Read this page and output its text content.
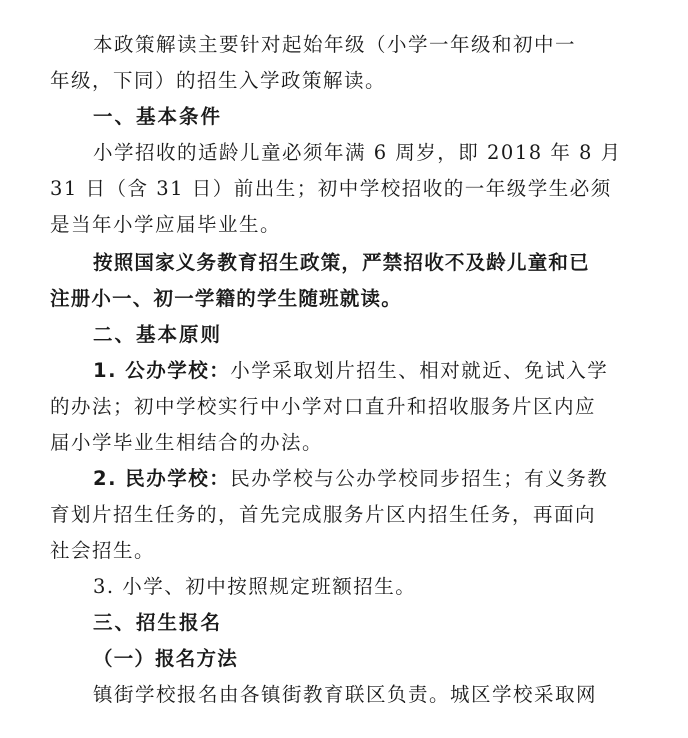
本政策解读主要针对起始年级（小学一年级和初中一
年级，下同）的招生入学政策解读。
一、基本条件
小学招收的适龄儿童必须年满 6 周岁，即 2018 年 8 月
31 日（含 31 日）前出生；初中学校招收的一年级学生必须
是当年小学应届毕业生。
按照国家义务教育招生政策，严禁招收不及龄儿童和已
注册小一、初一学籍的学生随班就读。
二、基本原则
1. 公办学校：小学采取划片招生、相对就近、免试入学
的办法；初中学校实行中小学对口直升和招收服务片区内应
届小学毕业生相结合的办法。
2. 民办学校：民办学校与公办学校同步招生；有义务教
育划片招生任务的，首先完成服务片区内招生任务，再面向
社会招生。
3. 小学、初中按照规定班额招生。
三、招生报名
（一）报名方法
镇街学校报名由各镇街教育联区负责。城区学校采取网
